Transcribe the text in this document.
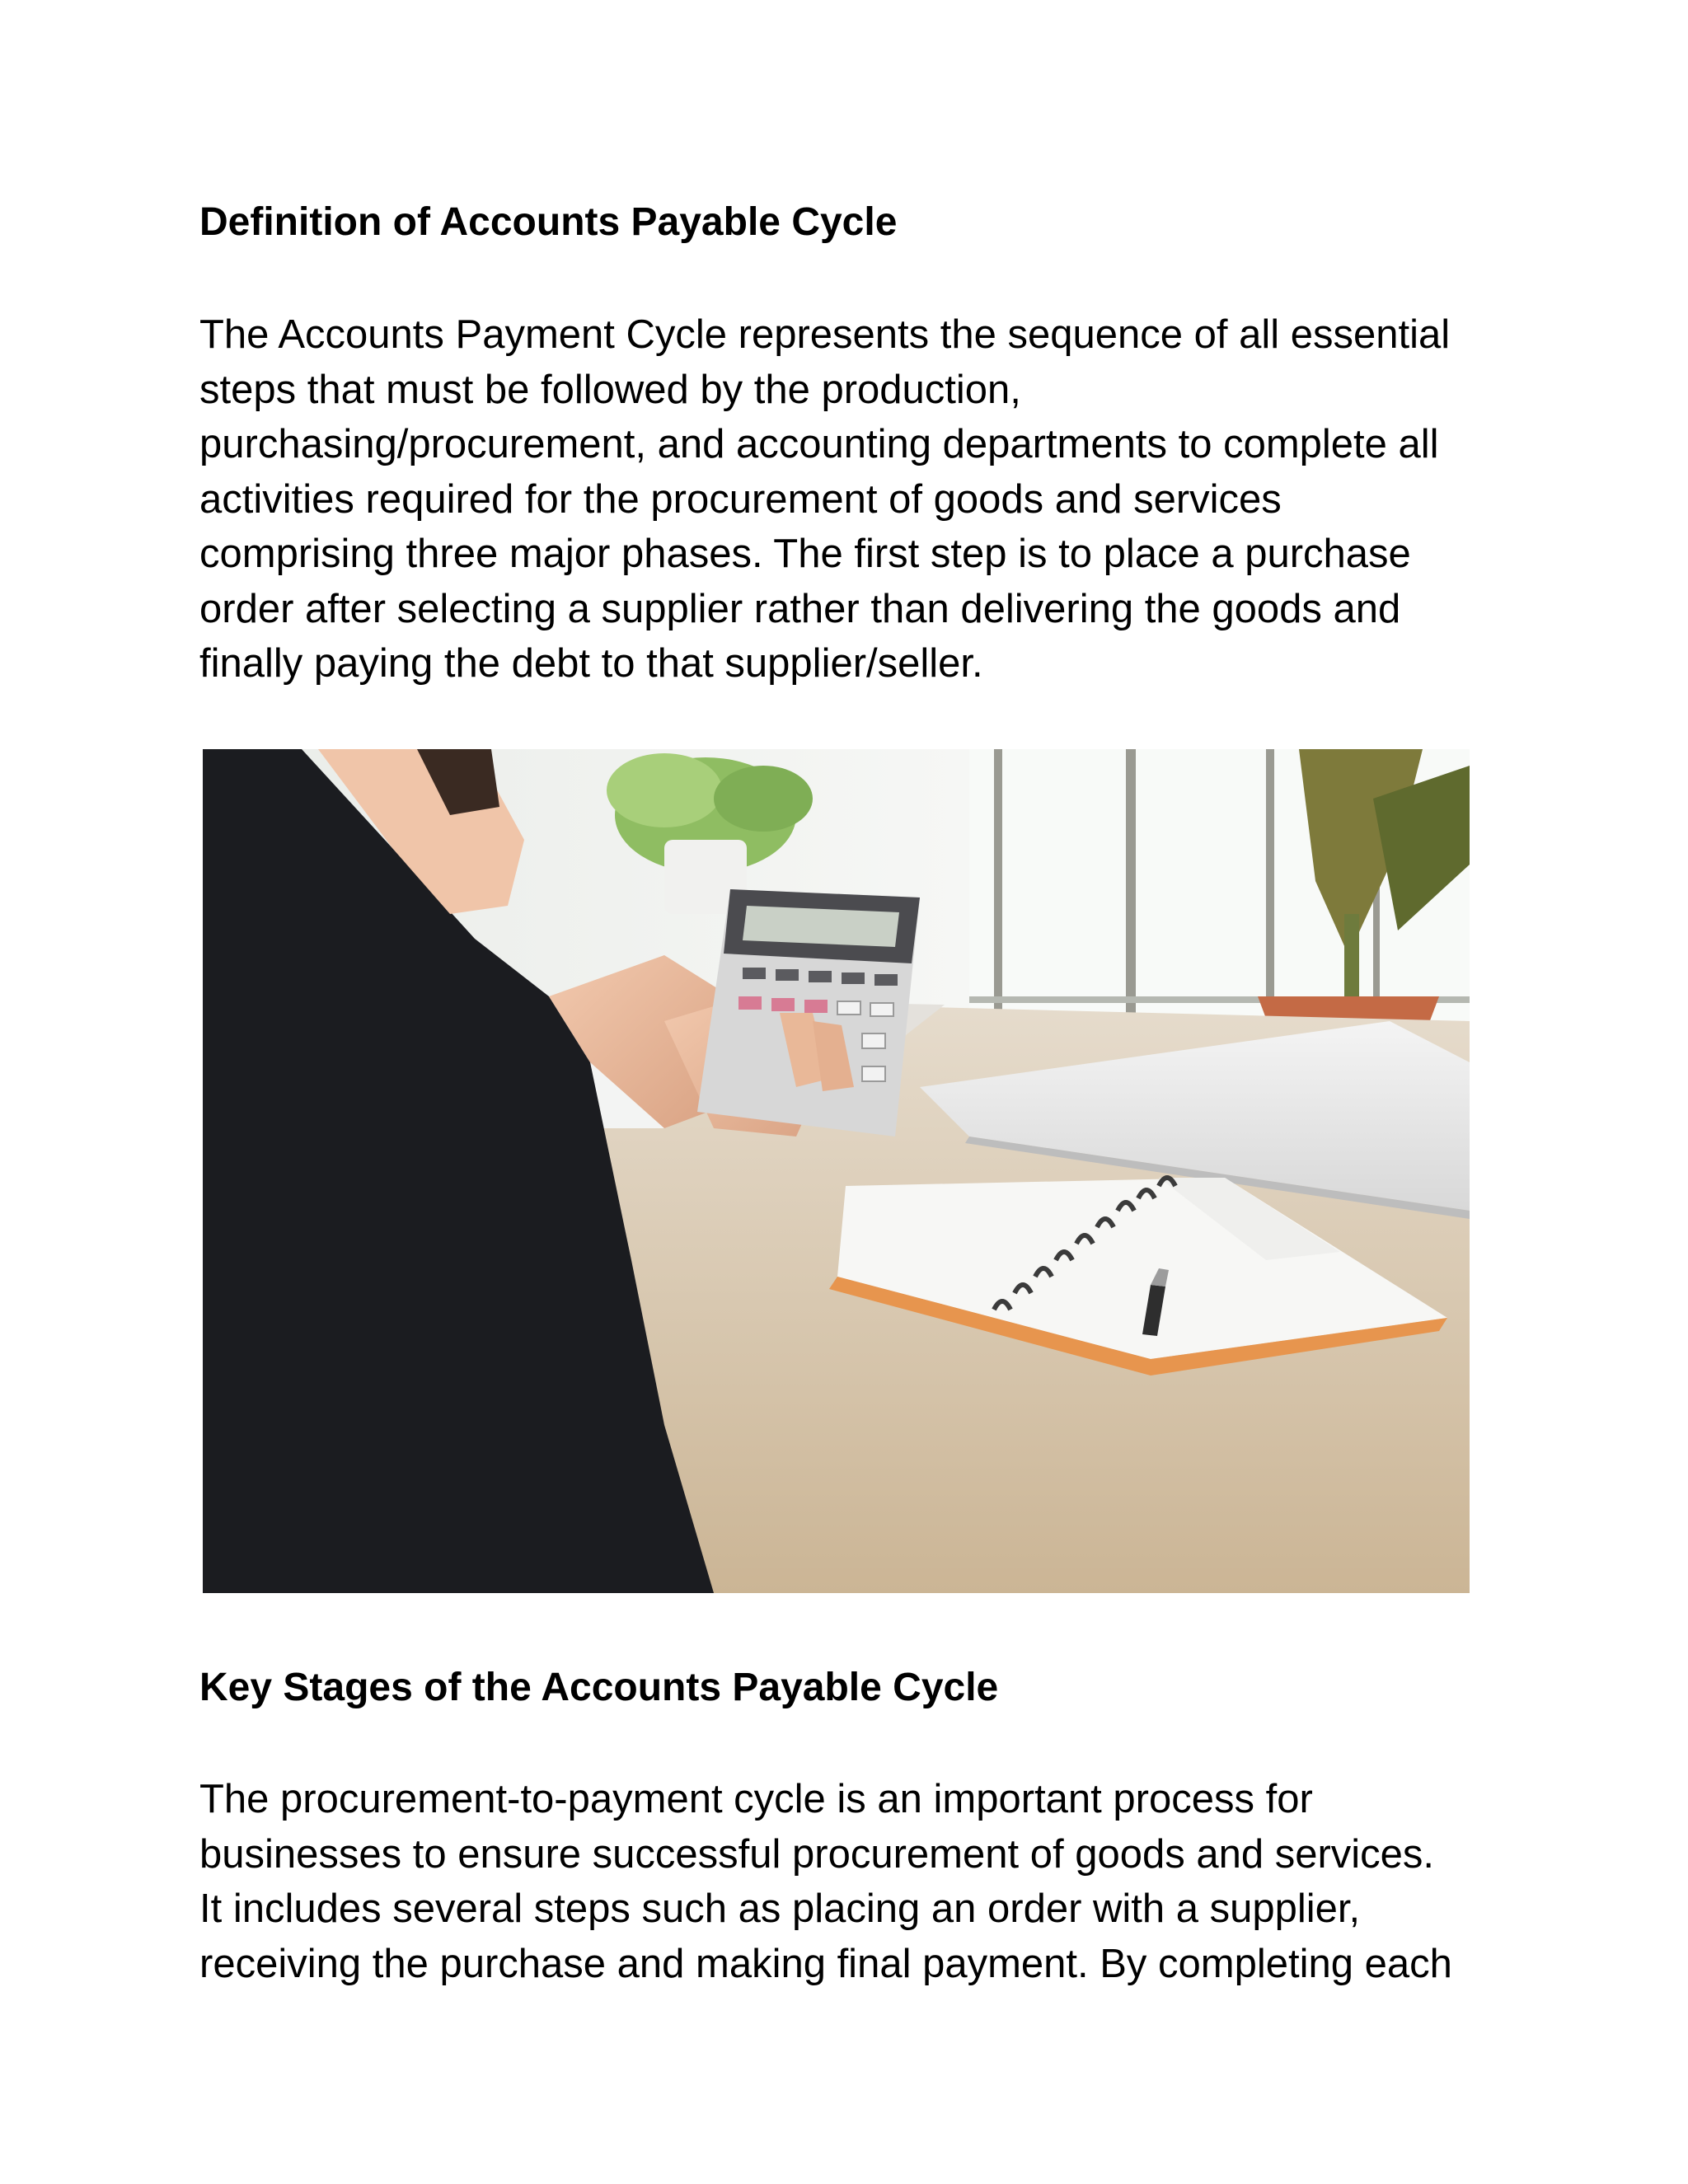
Definition of Accounts Payable Cycle

The Accounts Payment Cycle represents the sequence of all essential
steps that must be followed by the production,
purchasing/procurement, and accounting departments to complete all
activities required for the procurement of goods and services
comprising three major phases. The first step is to place a purchase
order after selecting a supplier rather than delivering the goods and
finally paying the debt to that supplier/seller.

Key Stages of the Accounts Payable Cycle

The procurement-to-payment cycle is an important process for
businesses to ensure successful procurement of goods and services.
It includes several steps such as placing an order with a supplier,
receiving the purchase and making final payment. By completing each
